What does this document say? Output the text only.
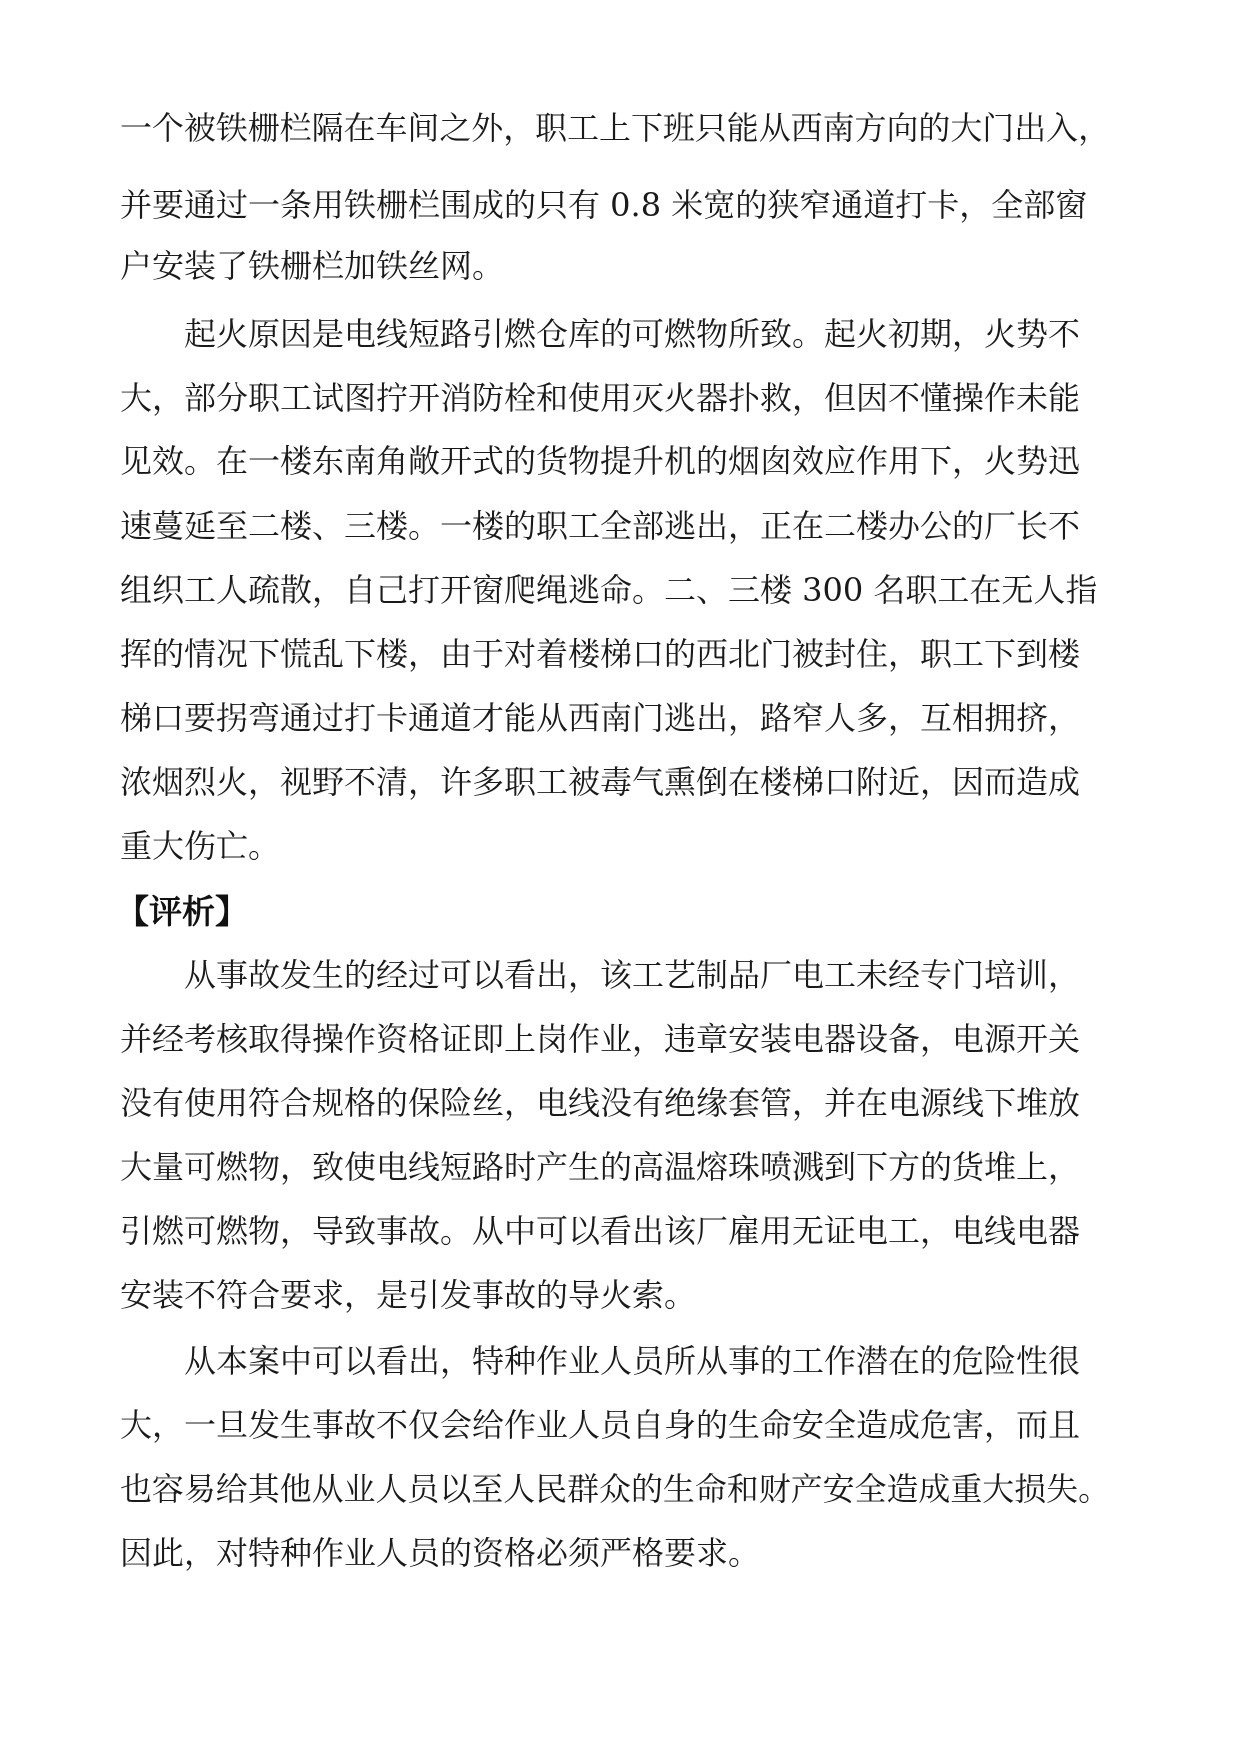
一个被铁栅栏隔在车间之外，职工上下班只能从西南方向的大门出入，
并要通过一条用铁栅栏围成的只有 0.8 米宽的狭窄通道打卡，全部窗
户安装了铁栅栏加铁丝网。
起火原因是电线短路引燃仓库的可燃物所致。起火初期，火势不
大，部分职工试图拧开消防栓和使用灭火器扑救，但因不懂操作未能
见效。在一楼东南角敞开式的货物提升机的烟囱效应作用下，火势迅
速蔓延至二楼、三楼。一楼的职工全部逃出，正在二楼办公的厂长不
组织工人疏散，自己打开窗爬绳逃命。二、三楼 300 名职工在无人指
挥的情况下慌乱下楼，由于对着楼梯口的西北门被封住，职工下到楼
梯口要拐弯通过打卡通道才能从西南门逃出，路窄人多，互相拥挤，
浓烟烈火，视野不清，许多职工被毒气熏倒在楼梯口附近，因而造成
重大伤亡。
【评析】
从事故发生的经过可以看出，该工艺制品厂电工未经专门培训，
并经考核取得操作资格证即上岗作业，违章安装电器设备，电源开关
没有使用符合规格的保险丝，电线没有绝缘套管，并在电源线下堆放
大量可燃物，致使电线短路时产生的高温熔珠喷溅到下方的货堆上，
引燃可燃物，导致事故。从中可以看出该厂雇用无证电工，电线电器
安装不符合要求，是引发事故的导火索。
从本案中可以看出，特种作业人员所从事的工作潜在的危险性很
大，一旦发生事故不仅会给作业人员自身的生命安全造成危害，而且
也容易给其他从业人员以至人民群众的生命和财产安全造成重大损失。
因此，对特种作业人员的资格必须严格要求。
